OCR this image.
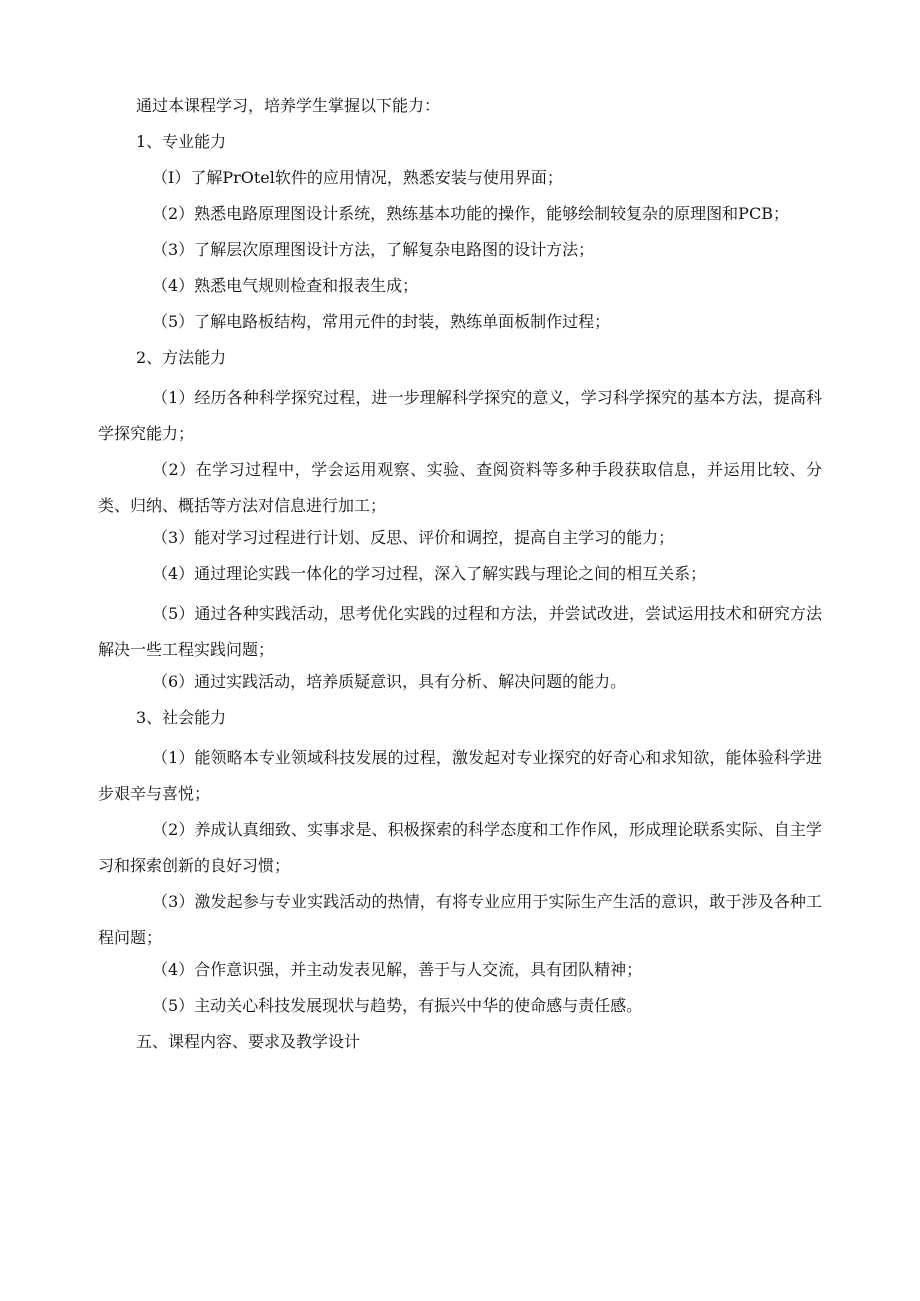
通过本课程学习，培养学生掌握以下能力：

1、专业能力

（I）了解PrOtel软件的应用情况，熟悉安装与使用界面；

（2）熟悉电路原理图设计系统，熟练基本功能的操作，能够绘制较复杂的原理图和PCB；

（3）了解层次原理图设计方法，了解复杂电路图的设计方法；

（4）熟悉电气规则检查和报表生成；

（5）了解电路板结构，常用元件的封装，熟练单面板制作过程；

2、方法能力

（1）经历各种科学探究过程，进一步理解科学探究的意义，学习科学探究的基本方法，提高科学探究能力；

（2）在学习过程中，学会运用观察、实验、查阅资料等多种手段获取信息，并运用比较、分类、归纳、概括等方法对信息进行加工；

（3）能对学习过程进行计划、反思、评价和调控，提高自主学习的能力；

（4）通过理论实践一体化的学习过程，深入了解实践与理论之间的相互关系；

（5）通过各种实践活动，思考优化实践的过程和方法，并尝试改进，尝试运用技术和研究方法解决一些工程实践问题；

（6）通过实践活动，培养质疑意识，具有分析、解决问题的能力。

3、社会能力

（1）能领略本专业领域科技发展的过程，激发起对专业探究的好奇心和求知欲，能体验科学进步艰辛与喜悦；

（2）养成认真细致、实事求是、积极探索的科学态度和工作作风，形成理论联系实际、自主学习和探索创新的良好习惯；

（3）激发起参与专业实践活动的热情，有将专业应用于实际生产生活的意识，敢于涉及各种工程问题；

（4）合作意识强，并主动发表见解，善于与人交流，具有团队精神；

（5）主动关心科技发展现状与趋势，有振兴中华的使命感与责任感。

五、课程内容、要求及教学设计
